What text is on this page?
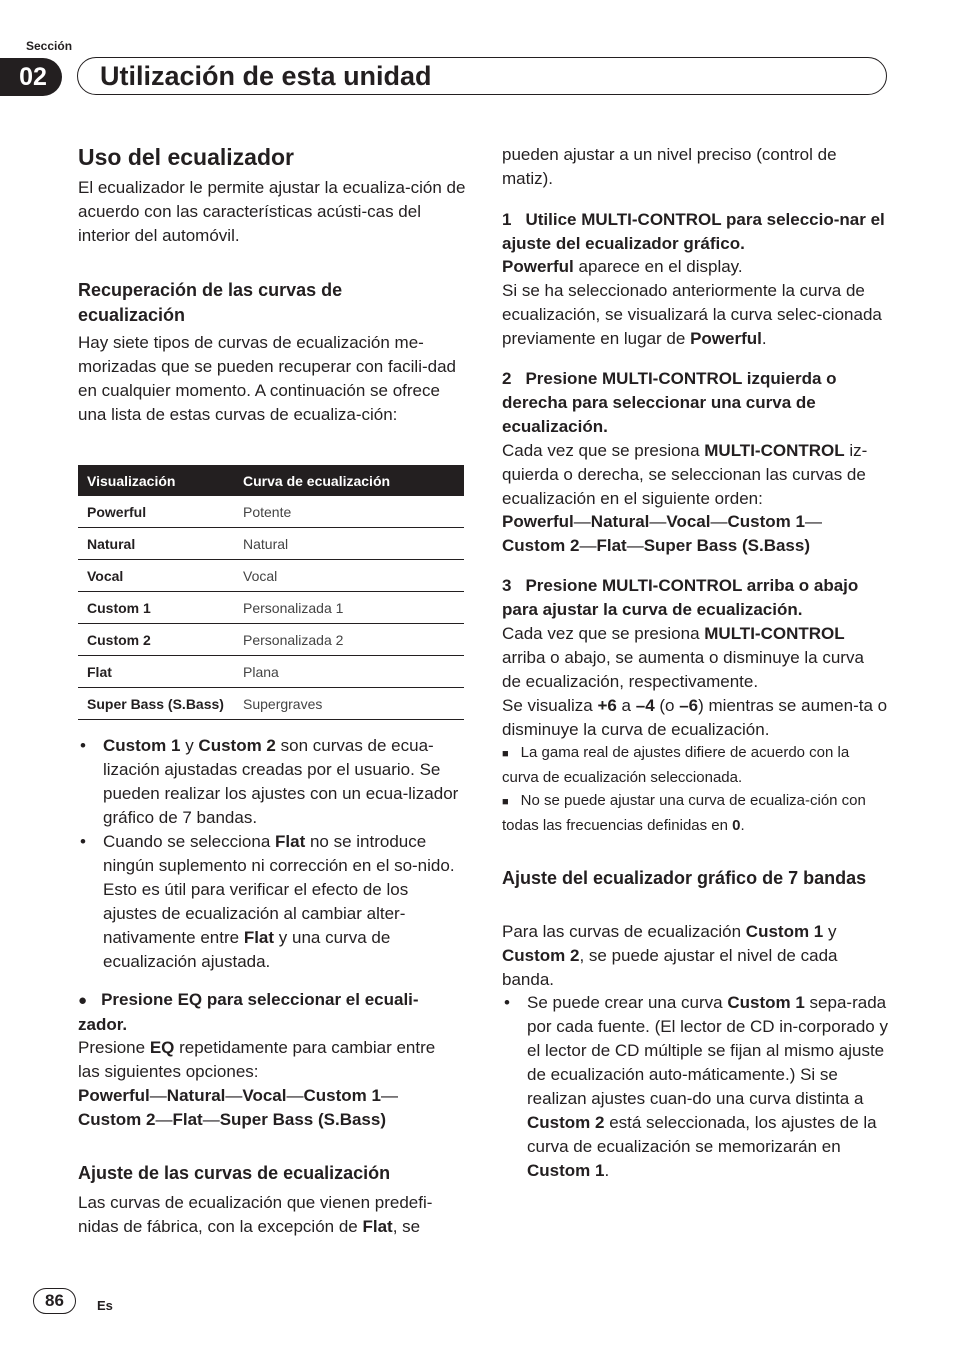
Sección
02	Utilización de esta unidad

Uso del ecualizador

El ecualizador le permite ajustar la ecualiza-ción de acuerdo con las características acústi-cas del interior del automóvil.

Recuperación de las curvas de ecualización

Hay siete tipos de curvas de ecualización me-morizadas que se pueden recuperar con facili-dad en cualquier momento. A continuación se ofrece una lista de estas curvas de ecualiza-ción:

Visualización	Curva de ecualización
Powerful	Potente
Natural	Natural
Vocal	Vocal
Custom 1	Personalizada 1
Custom 2	Personalizada 2
Flat	Plana
Super Bass (S.Bass)	Supergraves
• Custom 1 y Custom 2 son curvas de ecua-lización ajustadas creadas por el usuario. Se pueden realizar los ajustes con un ecua-lizador gráfico de 7 bandas.
• Cuando se selecciona Flat no se introduce ningún suplemento ni corrección en el so-nido. Esto es útil para verificar el efecto de los ajustes de ecualización al cambiar alter-nativamente entre Flat y una curva de ecualización ajustada.

● Presione EQ para seleccionar el ecuali-zador.

Presione EQ repetidamente para cambiar entre las siguientes opciones:

Powerful—Natural—Vocal—Custom 1—
Custom 2—Flat—Super Bass (S.Bass)

Ajuste de las curvas de ecualización

Las curvas de ecualización que vienen predefi-nidas de fábrica, con la excepción de Flat, se

pueden ajustar a un nivel preciso (control de matiz).

1 Utilice MULTI-CONTROL para seleccio-nar el ajuste del ecualizador gráfico.

Powerful aparece en el display.

Si se ha seleccionado anteriormente la curva de ecualización, se visualizará la curva selec-cionada previamente en lugar de Powerful.

2 Presione MULTI-CONTROL izquierda o derecha para seleccionar una curva de ecualización.

Cada vez que se presiona MULTI-CONTROL iz-quierda o derecha, se seleccionan las curvas de ecualización en el siguiente orden:

Powerful—Natural—Vocal—Custom 1—
Custom 2—Flat—Super Bass (S.Bass)

3 Presione MULTI-CONTROL arriba o abajo para ajustar la curva de ecualización.

Cada vez que se presiona MULTI-CONTROL arriba o abajo, se aumenta o disminuye la curva de ecualización, respectivamente.

Se visualiza +6 a –4 (o –6) mientras se aumen-ta o disminuye la curva de ecualización.

■ La gama real de ajustes difiere de acuerdo con la curva de ecualización seleccionada.

■ No se puede ajustar una curva de ecualiza-ción con todas las frecuencias definidas en 0.

Ajuste del ecualizador gráfico de 7 bandas

Para las curvas de ecualización Custom 1 y Custom 2, se puede ajustar el nivel de cada banda.

• Se puede crear una curva Custom 1 sepa-rada por cada fuente. (El lector de CD in-corporado y el lector de CD múltiple se fijan al mismo ajuste de ecualización auto-máticamente.) Si se realizan ajustes cuan-do una curva distinta a Custom 2 está seleccionada, los ajustes de la curva de ecualización se memorizarán en Custom 1.
86	Es
